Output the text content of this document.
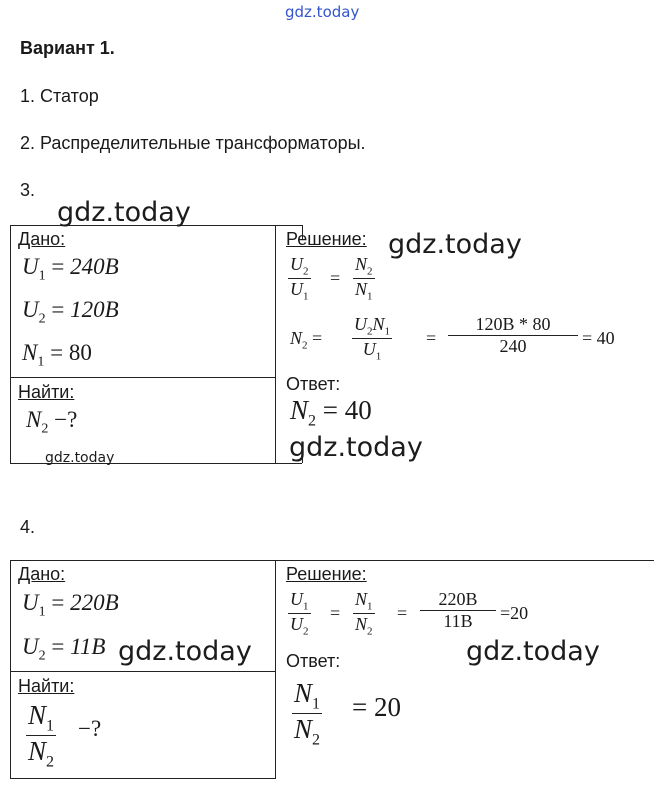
gdz.today
Вариант 1.
1. Статор
2. Распределительные трансформаторы.
3.
Дано:
$U_1 = 240В$
$U_2 = 120В$
$N_1 = 80$
Найти:
$N_2$ −?
Решение:
$U_2$
$U_1$
=
$N_2$
$N_1$
$N_2$ =
$U_2N_1$
$U_1$
=
120В * 80
240	= 40
Ответ:
$N_2 = 40$
gdz.today
gdz.today
gdz.today
gdz.today
4.
Дано:
$U_1 = 220В$
$U_2 = 11В$
Найти:
$N_1$
$N_2$
−?
Решение:
$U_1$
$U_2$
=
$N_1$
$N_2$
=
220В
11В =20
Ответ:
$N_1$
$N_2$
= 20
gdz.today	gdz.today
